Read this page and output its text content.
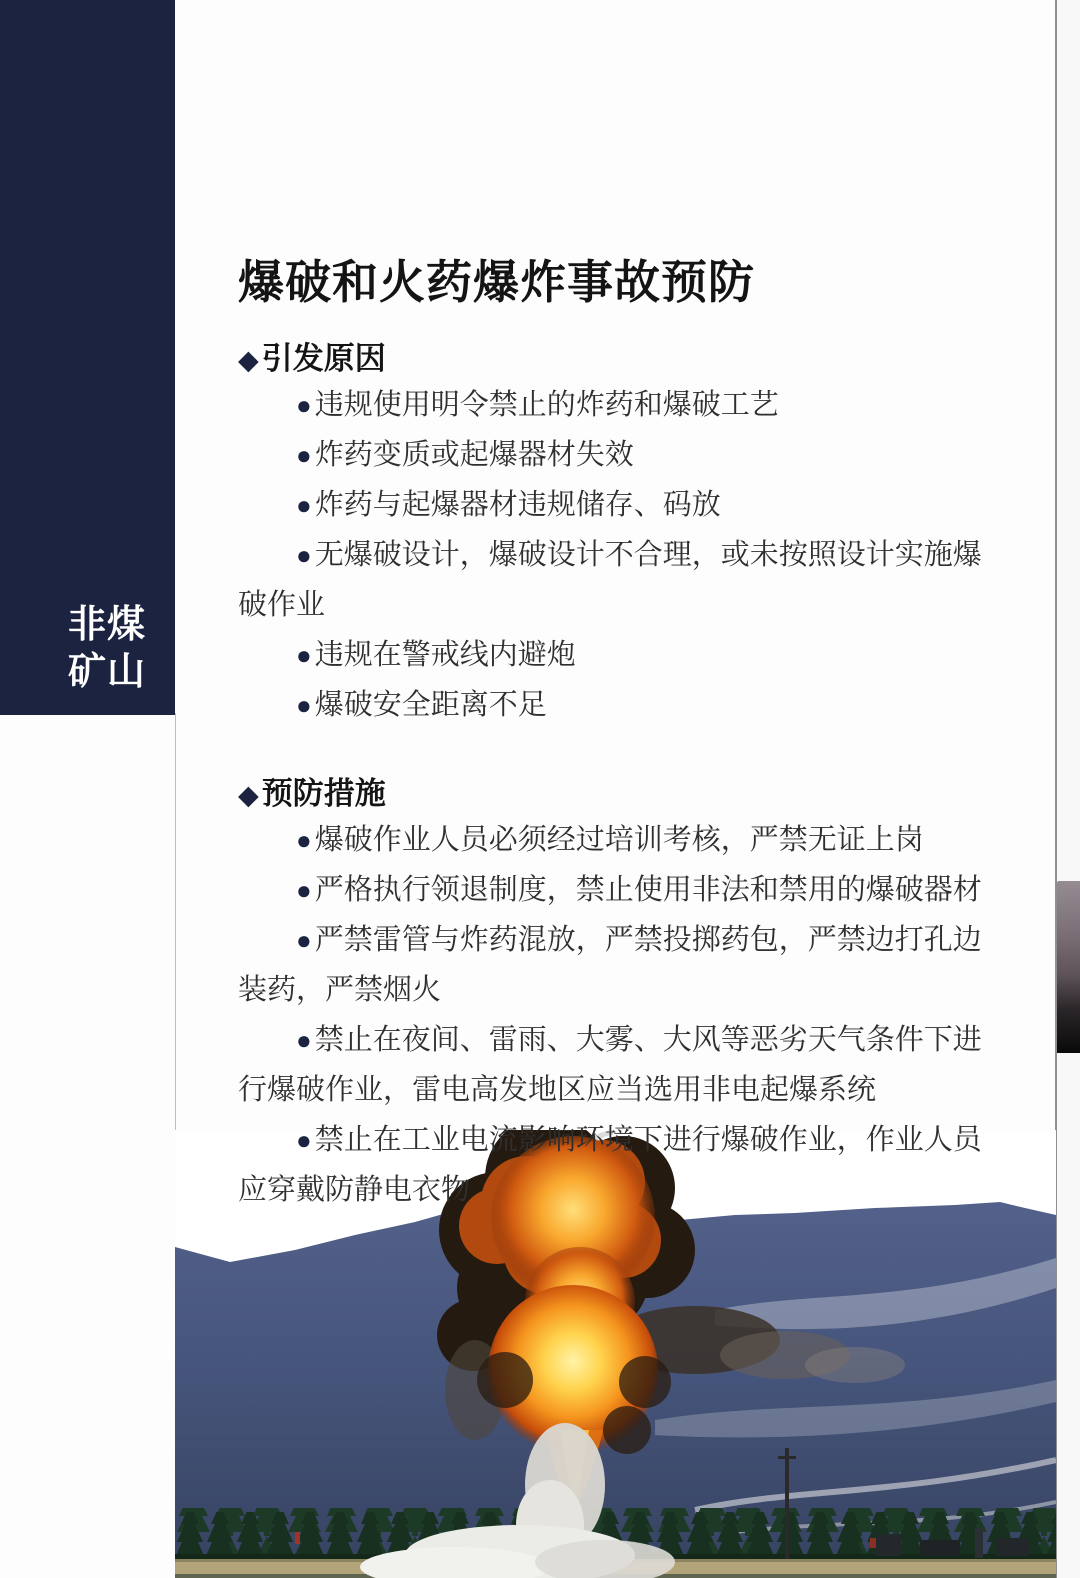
非煤
矿山
爆破和火药爆炸事故预防
◆引发原因

● 违规使用明令禁止的炸药和爆破工艺

● 炸药变质或起爆器材失效

● 炸药与起爆器材违规储存、码放

● 无爆破设计，爆破设计不合理，或未按照设计实施爆破作业

● 违规在警戒线内避炮

● 爆破安全距离不足

◆预防措施

● 爆破作业人员必须经过培训考核，严禁无证上岗

● 严格执行领退制度，禁止使用非法和禁用的爆破器材

● 严禁雷管与炸药混放，严禁投掷药包，严禁边打孔边装药，严禁烟火

● 禁止在夜间、雷雨、大雾、大风等恶劣天气条件下进行爆破作业，雷电高发地区应当选用非电起爆系统

● 禁止在工业电流影响环境下进行爆破作业，作业人员应穿戴防静电衣物
